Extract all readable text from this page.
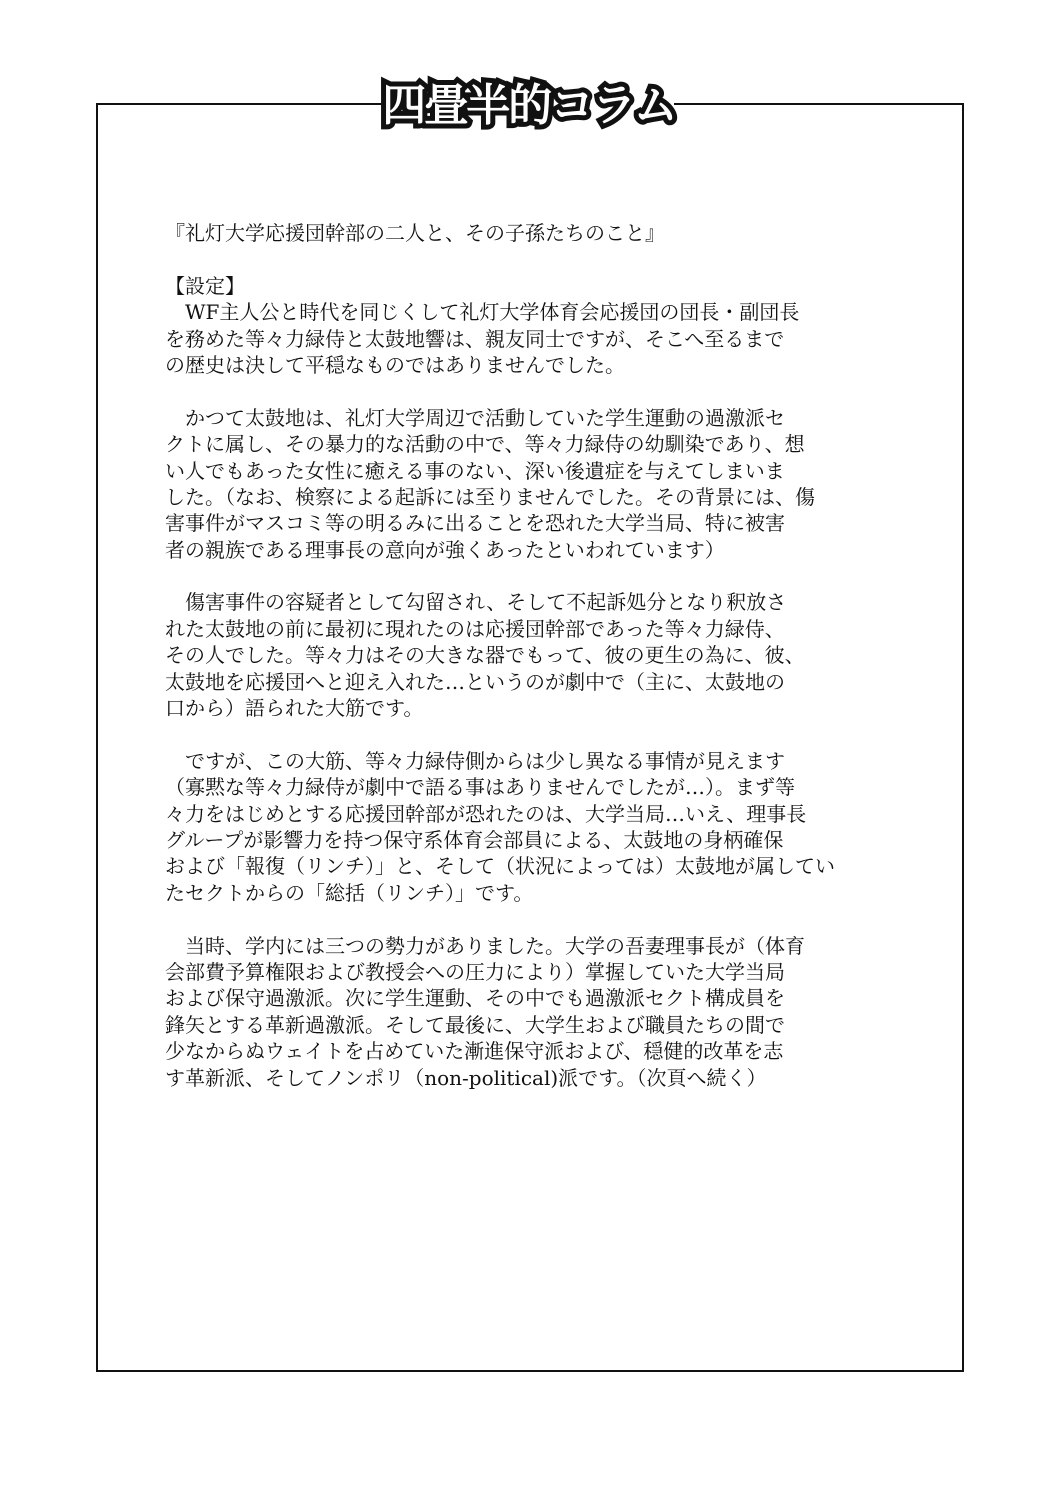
四畳半的コラム
『礼灯大学応援団幹部の二人と、その子孫たちのこと』
【設定】
　WF主人公と時代を同じくして礼灯大学体育会応援団の団長・副団長
を務めた等々力緑侍と太鼓地響は、親友同士ですが、そこへ至るまで
の歴史は決して平穏なものではありませんでした。
　かつて太鼓地は、礼灯大学周辺で活動していた学生運動の過激派セ
クトに属し、その暴力的な活動の中で、等々力緑侍の幼馴染であり、想
い人でもあった女性に癒える事のない、深い後遺症を与えてしまいま
した。（なお、検察による起訴には至りませんでした。その背景には、傷
害事件がマスコミ等の明るみに出ることを恐れた大学当局、特に被害
者の親族である理事長の意向が強くあったといわれています）
　傷害事件の容疑者として勾留され、そして不起訴処分となり釈放さ
れた太鼓地の前に最初に現れたのは応援団幹部であった等々力緑侍、
その人でした。等々力はその大きな器でもって、彼の更生の為に、彼、
太鼓地を応援団へと迎え入れた…というのが劇中で（主に、太鼓地の
口から）語られた大筋です。
　ですが、この大筋、等々力緑侍側からは少し異なる事情が見えます
（寡黙な等々力緑侍が劇中で語る事はありませんでしたが…）。まず等
々力をはじめとする応援団幹部が恐れたのは、大学当局…いえ、理事長
グループが影響力を持つ保守系体育会部員による、太鼓地の身柄確保
および「報復（リンチ）」と、そして（状況によっては）太鼓地が属してい
たセクトからの「総括（リンチ）」です。
　当時、学内には三つの勢力がありました。大学の吾妻理事長が（体育
会部費予算権限および教授会への圧力により）掌握していた大学当局
および保守過激派。次に学生運動、その中でも過激派セクト構成員を
鋒矢とする革新過激派。そして最後に、大学生および職員たちの間で
少なからぬウェイトを占めていた漸進保守派および、穏健的改革を志
す革新派、そしてノンポリ（non-political)派です。（次頁へ続く）
